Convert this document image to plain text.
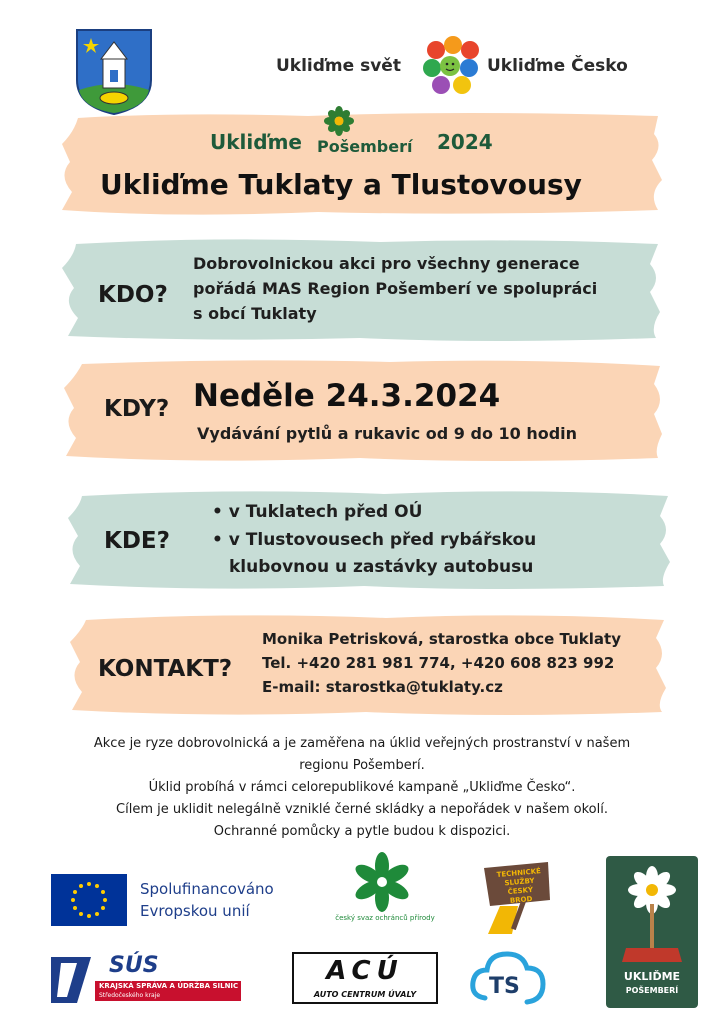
Ukliďme svět	Ukliďme Česko
Ukliďme Pošemberí 2024
Ukliďme Tuklaty a Tlustovousy
KDO?
Dobrovolnickou akci pro všechny generace
pořádá MAS Region Pošemberí ve spolupráci
s obcí Tuklaty
KDY? Neděle 24.3.2024
Vydávání pytlů a rukavic od 9 do 10 hodin
KDE?
• v Tuklatech před OÚ
• v Tlustovousech před rybářskou
klubovnou u zastávky autobusu
KONTAKT?
Monika Petrisková, starostka obce Tuklaty
Tel. +420 281 981 774, +420 608 823 992
E-mail: starostka@tuklaty.cz
Akce je ryze dobrovolnická a je zaměřena na úklid veřejných prostranství v našem
regionu Pošemberí.
Úklid probíhá v rámci celorepublikové kampaně „Ukliďme Česko“.
Cílem je uklidit nelegálně vzniklé černé skládky a nepořádek v našem okolí.
Ochranné pomůcky a pytle budou k dispozici.
Spolufinancováno
Evropskou unií	český svaz ochránců přírody
TECHNICKÉ
SLUŽBY
ČESKÝ
BROD
UKLIĎME
POŠEMBERÍ
SÚS
KRAJSKÁ SPRÁVA A ÚDRŽBA SILNIC
Středočeského kraje
ACÚ
AUTO CENTRUM ÚVALY	TS
